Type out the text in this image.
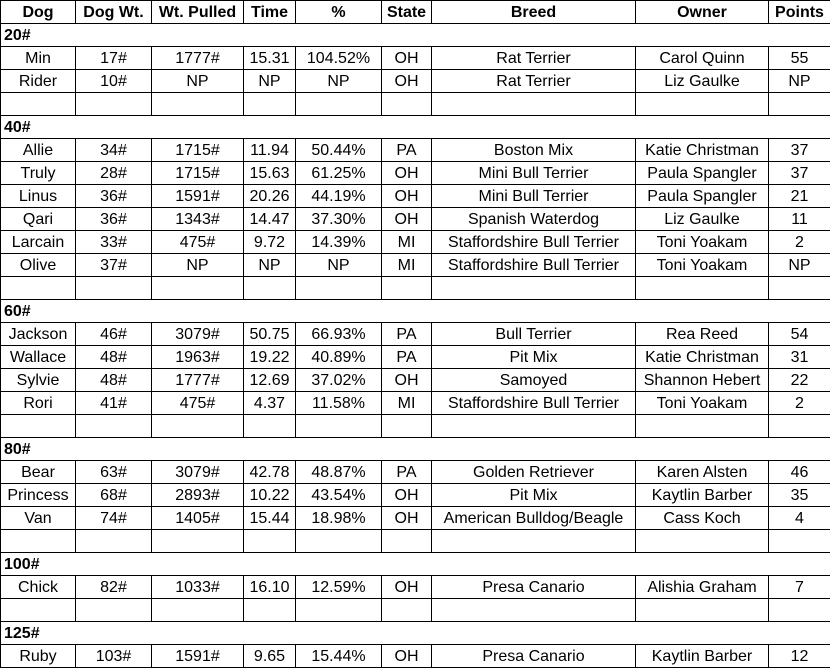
Dog	Dog Wt.	Wt. Pulled	Time	%	State	Breed	Owner	Points
20#								
Min	17#	1777#	15.31	104.52%	OH	Rat Terrier	Carol Quinn	55
Rider	10#	NP	NP	NP	OH	Rat Terrier	Liz Gaulke	NP

40#								
Allie	34#	1715#	11.94	50.44%	PA	Boston Mix	Katie Christman	37
Truly	28#	1715#	15.63	61.25%	OH	Mini Bull Terrier	Paula Spangler	37
Linus	36#	1591#	20.26	44.19%	OH	Mini Bull Terrier	Paula Spangler	21
Qari	36#	1343#	14.47	37.30%	OH	Spanish Waterdog	Liz Gaulke	11
Larcain	33#	475#	9.72	14.39%	MI	Staffordshire Bull Terrier	Toni Yoakam	2
Olive	37#	NP	NP	NP	MI	Staffordshire Bull Terrier	Toni Yoakam	NP

60#								
Jackson	46#	3079#	50.75	66.93%	PA	Bull Terrier	Rea Reed	54
Wallace	48#	1963#	19.22	40.89%	PA	Pit Mix	Katie Christman	31
Sylvie	48#	1777#	12.69	37.02%	OH	Samoyed	Shannon Hebert	22
Rori	41#	475#	4.37	11.58%	MI	Staffordshire Bull Terrier	Toni Yoakam	2

80#								
Bear	63#	3079#	42.78	48.87%	PA	Golden Retriever	Karen Alsten	46
Princess	68#	2893#	10.22	43.54%	OH	Pit Mix	Kaytlin Barber	35
Van	74#	1405#	15.44	18.98%	OH	American Bulldog/Beagle	Cass Koch	4

100#								
Chick	82#	1033#	16.10	12.59%	OH	Presa Canario	Alishia Graham	7

125#								
Ruby	103#	1591#	9.65	15.44%	OH	Presa Canario	Kaytlin Barber	12
